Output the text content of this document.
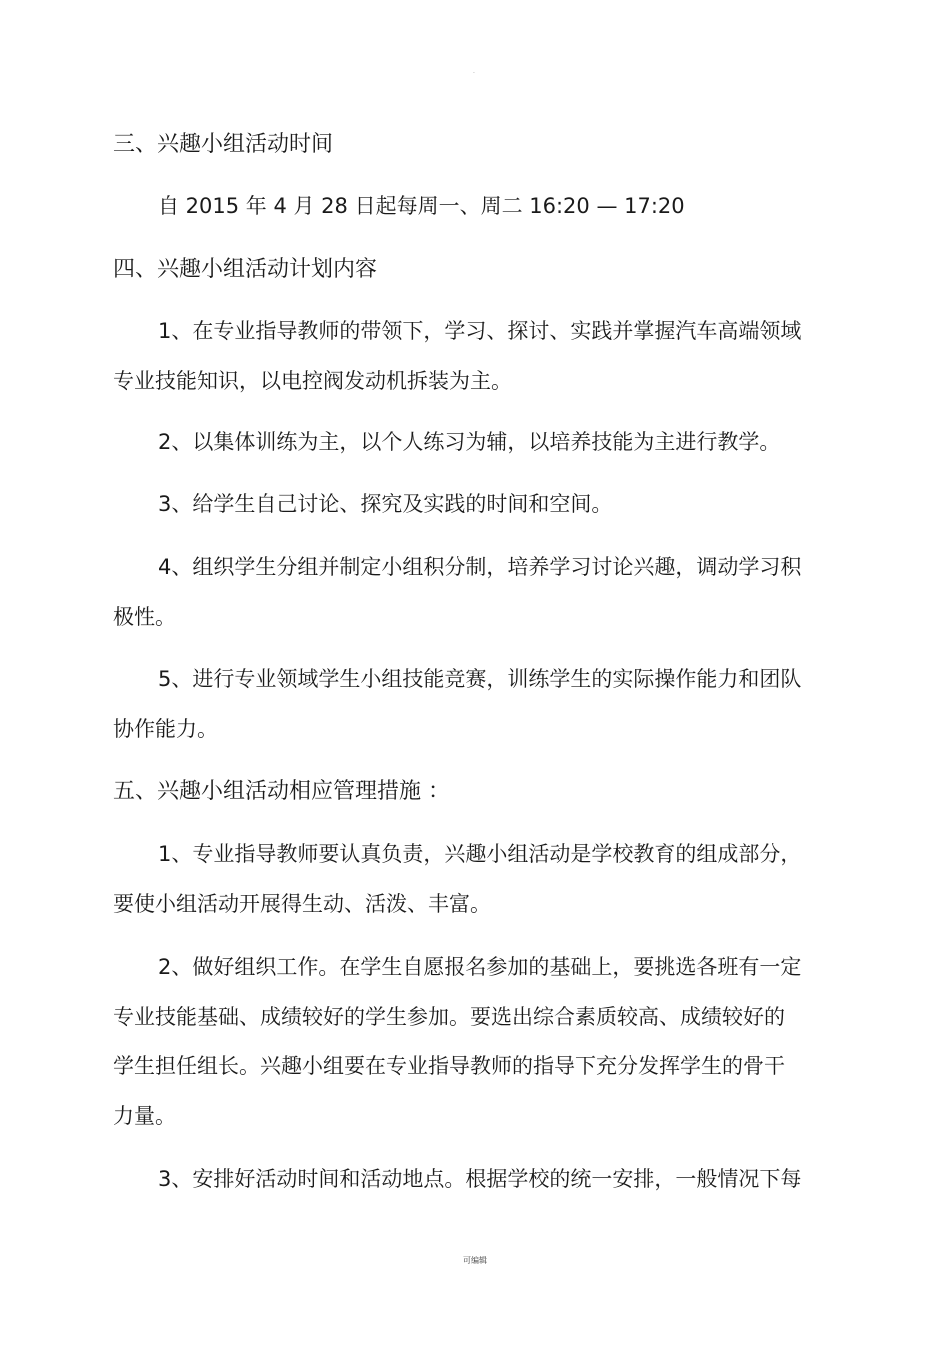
·
三、兴趣小组活动时间
自 2015 年 4 月 28 日起每周一、周二 16:20 — 17:20
四、兴趣小组活动计划内容
1、在专业指导教师的带领下，学习、探讨、实践并掌握汽车高端领域
专业技能知识，以电控阀发动机拆装为主。
2、以集体训练为主，以个人练习为辅，以培养技能为主进行教学。
3、给学生自己讨论、探究及实践的时间和空间。
4、组织学生分组并制定小组积分制，培养学习讨论兴趣，调动学习积
极性。
5、进行专业领域学生小组技能竞赛，训练学生的实际操作能力和团队
协作能力。
五、兴趣小组活动相应管理措施 ：
1、专业指导教师要认真负责，兴趣小组活动是学校教育的组成部分，
要使小组活动开展得生动、活泼、丰富。
2、做好组织工作。在学生自愿报名参加的基础上，要挑选各班有一定
专业技能基础、成绩较好的学生参加。要选出综合素质较高、成绩较好的
学生担任组长。兴趣小组要在专业指导教师的指导下充分发挥学生的骨干
力量。
3、安排好活动时间和活动地点。根据学校的统一安排，一般情况下每
可编辑
